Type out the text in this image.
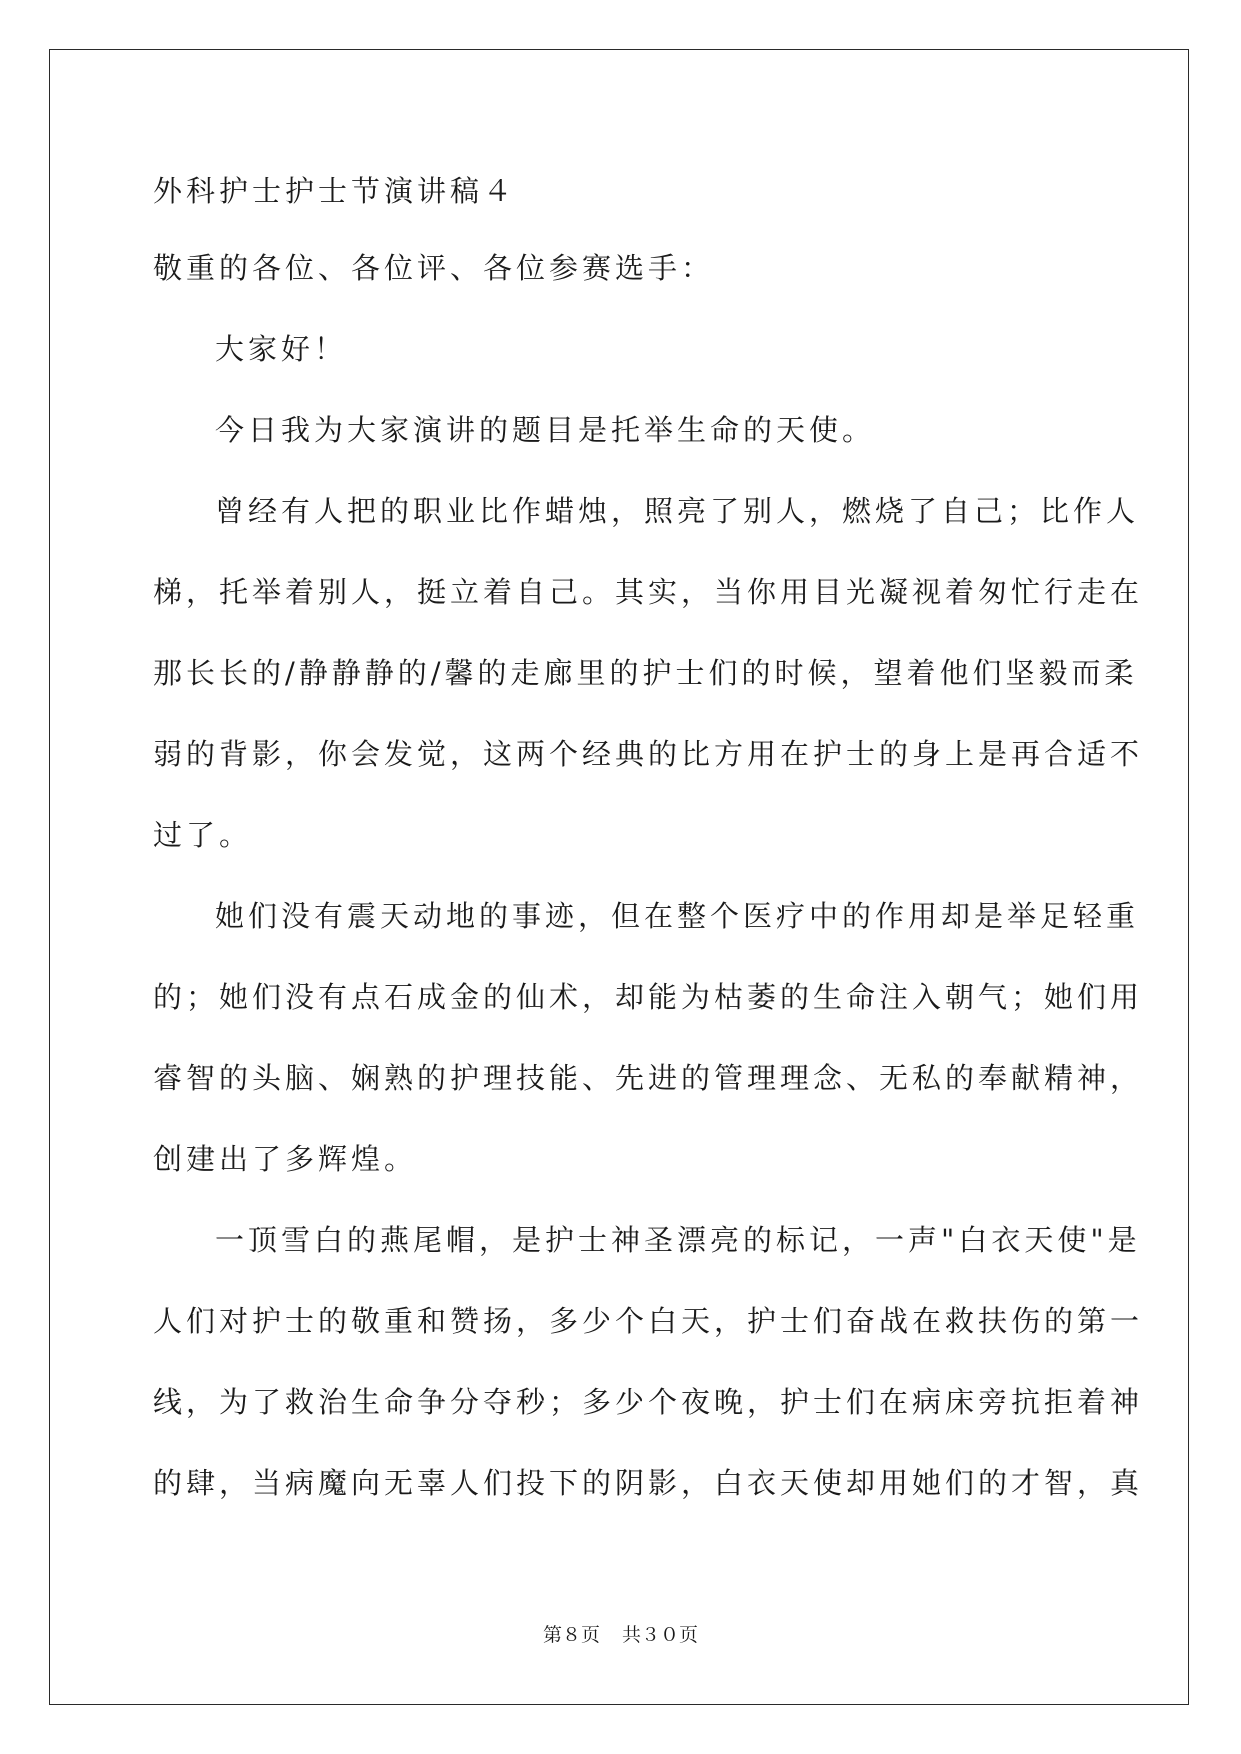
外科护士护士节演讲稿４

敬重的各位、各位评、各位参赛选手：

大家好！

今日我为大家演讲的题目是托举生命的天使。

曾经有人把的职业比作蜡烛，照亮了别人，燃烧了自己；比作人

梯，托举着别人，挺立着自己。其实，当你用目光凝视着匆忙行走在

那长长的/静静静的/馨的走廊里的护士们的时候，望着他们坚毅而柔

弱的背影，你会发觉，这两个经典的比方用在护士的身上是再合适不

过了。

她们没有震天动地的事迹，但在整个医疗中的作用却是举足轻重

的；她们没有点石成金的仙术，却能为枯萎的生命注入朝气；她们用

睿智的头脑、娴熟的护理技能、先进的管理理念、无私的奉献精神，

创建出了多辉煌。

一顶雪白的燕尾帽，是护士神圣漂亮的标记，一声"白衣天使"是

人们对护士的敬重和赞扬，多少个白天，护士们奋战在救扶伤的第一

线，为了救治生命争分夺秒；多少个夜晚，护士们在病床旁抗拒着神

的肆，当病魔向无辜人们投下的阴影，白衣天使却用她们的才智，真

第８页 共３０页
